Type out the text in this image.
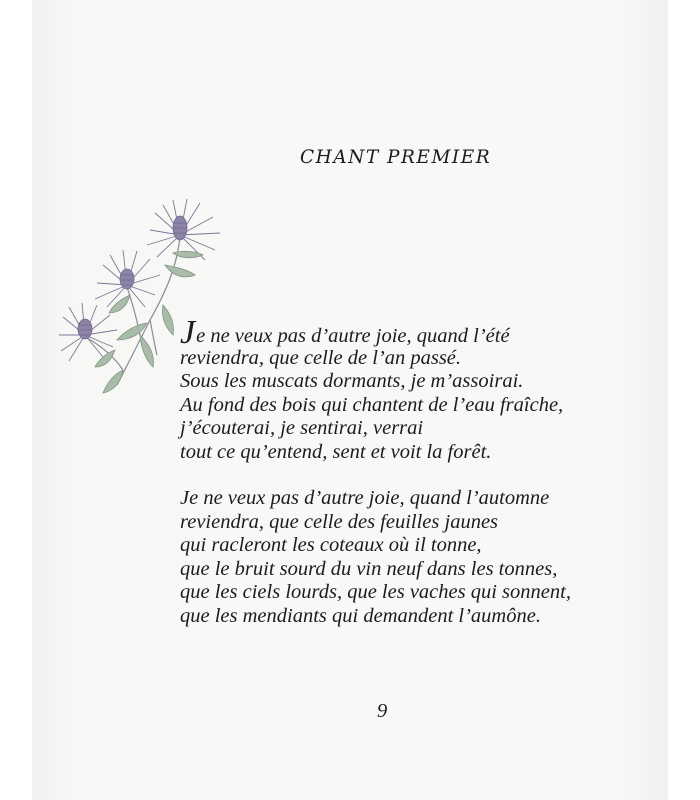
CHANT PREMIER
Je ne veux pas d’autre joie, quand l’été
reviendra, que celle de l’an passé.
Sous les muscats dormants, je m’assoirai.
Au fond des bois qui chantent de l’eau fraîche,
j’écouterai, je sentirai, verrai
tout ce qu’entend, sent et voit la forêt.
Je ne veux pas d’autre joie, quand l’automne
reviendra, que celle des feuilles jaunes
qui racleront les coteaux où il tonne,
que le bruit sourd du vin neuf dans les tonnes,
que les ciels lourds, que les vaches qui sonnent,
que les mendiants qui demandent l’aumône.
9
